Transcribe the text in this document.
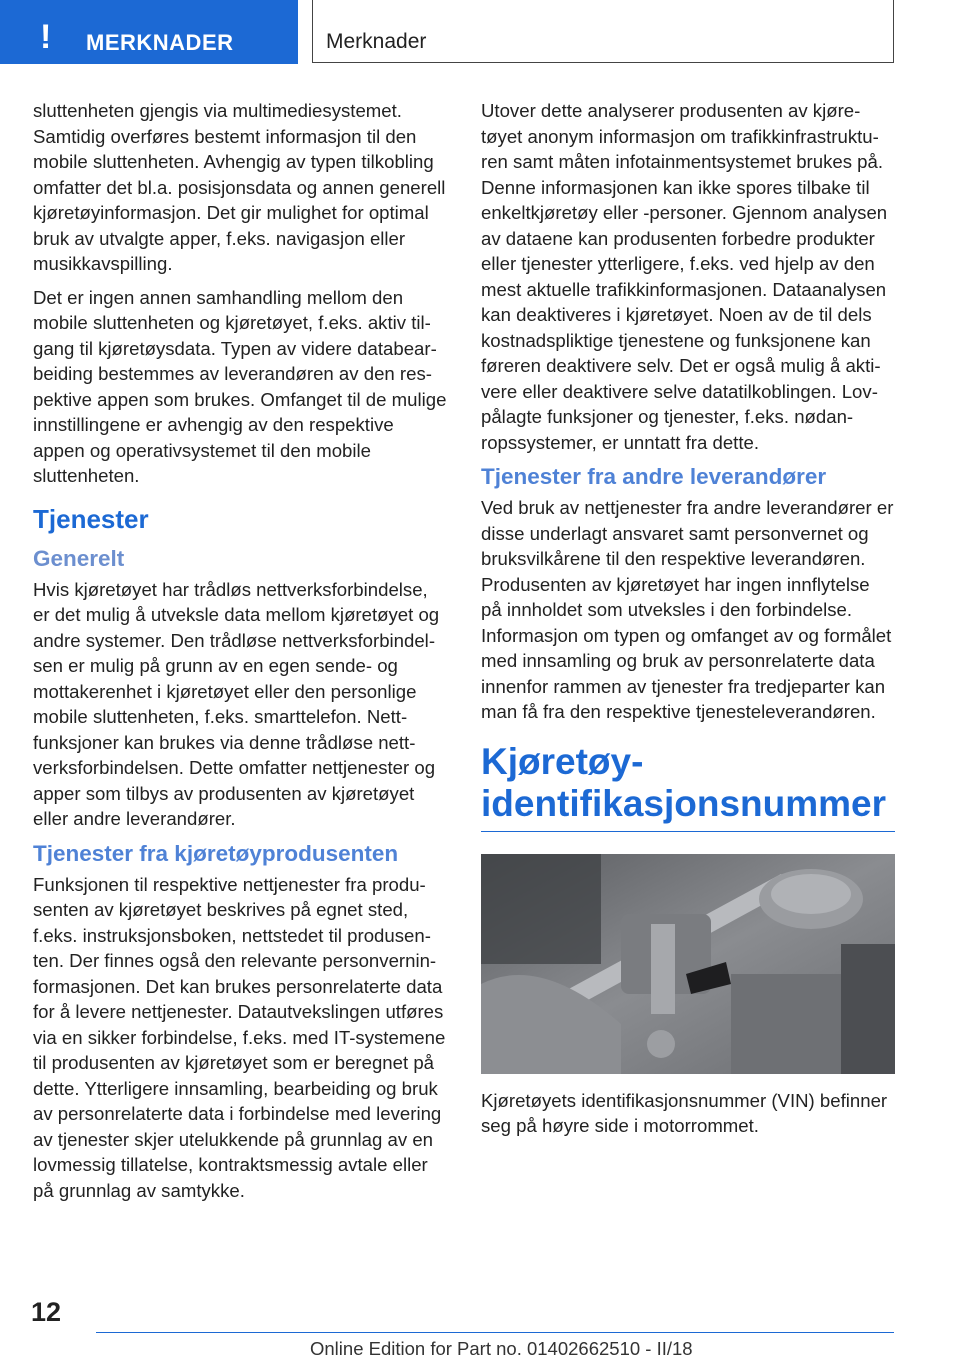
! MERKNADER	Merknader

sluttenheten gjengis via multimediesystemet. Samtidig overføres bestemt informasjon til den mobile sluttenheten. Avhengig av typen tilkobling omfatter det bl.a. posisjonsdata og annen generell kjøretøyinformasjon. Det gir mulighet for optimal bruk av utvalgte apper, f.eks. navigasjon eller musikkavspilling.

Det er ingen annen samhandling mellom den mobile sluttenheten og kjøretøyet, f.eks. aktiv tilgang til kjøretøysdata. Typen av videre databearbeiding bestemmes av leverandøren av den respektive appen som brukes. Omfanget til de mulige innstillingene er avhengig av den respektive appen og operativsystemet til den mobile sluttenheten.

Tjenester
Generelt

Hvis kjøretøyet har trådløs nettverksforbindelse, er det mulig å utveksle data mellom kjøretøyet og andre systemer. Den trådløse nettverksforbindelsen er mulig på grunn av en egen sende- og mottakerenhet i kjøretøyet eller den personlige mobile sluttenheten, f.eks. smarttelefon. Nettfunksjoner kan brukes via denne trådløse nettverksforbindelsen. Dette omfatter nettjenester og apper som tilbys av produsenten av kjøretøyet eller andre leverandører.

Tjenester fra kjøretøyprodusenten

Funksjonen til respektive nettjenester fra produsenten av kjøretøyet beskrives på egnet sted, f.eks. instruksjonsboken, nettstedet til produsenten. Der finnes også den relevante personverninformasjonen. Det kan brukes personrelaterte data for å levere nettjenester. Datautvekslingen utføres via en sikker forbindelse, f.eks. med IT-systemene til produsenten av kjøretøyet som er beregnet på dette. Ytterligere innsamling, bearbeiding og bruk av personrelaterte data i forbindelse med levering av tjenester skjer utelukkende på grunnlag av en lovmessig tillatelse, kontraktsmessig avtale eller på grunnlag av samtykke.

Utover dette analyserer produsenten av kjøretøyet anonym informasjon om trafikkinfrastrukturen samt måten infotainmentsystemet brukes på. Denne informasjonen kan ikke spores tilbake til enkeltkjøretøy eller -personer. Gjennom analysen av dataene kan produsenten forbedre produkter eller tjenester ytterligere, f.eks. ved hjelp av den mest aktuelle trafikkinformasjonen. Dataanalysen kan deaktiveres i kjøretøyet. Noen av de til dels kostnadspliktige tjenestene og funksjonene kan føreren deaktivere selv. Det er også mulig å aktivere eller deaktivere selve datatilkoblingen. Lovpålagte funksjoner og tjenester, f.eks. nødanropssystemer, er unntatt fra dette.

Tjenester fra andre leverandører

Ved bruk av nettjenester fra andre leverandører er disse underlagt ansvaret samt personvernet og bruksvilkårene til den respektive leverandøren. Produsenten av kjøretøyet har ingen innflytelse på innholdet som utveksles i den forbindelse. Informasjon om typen og omfanget av og formålet med innsamling og bruk av personrelaterte data innenfor rammen av tjenester fra tredjeparter kan man få fra den respektive tjenesteleverandøren.

Kjøretøy-
identifikasjonsnummer

Kjøretøyets identifikasjonsnummer (VIN) befinner seg på høyre side i motorrommet.

12
Online Edition for Part no. 01402662510 - II/18
